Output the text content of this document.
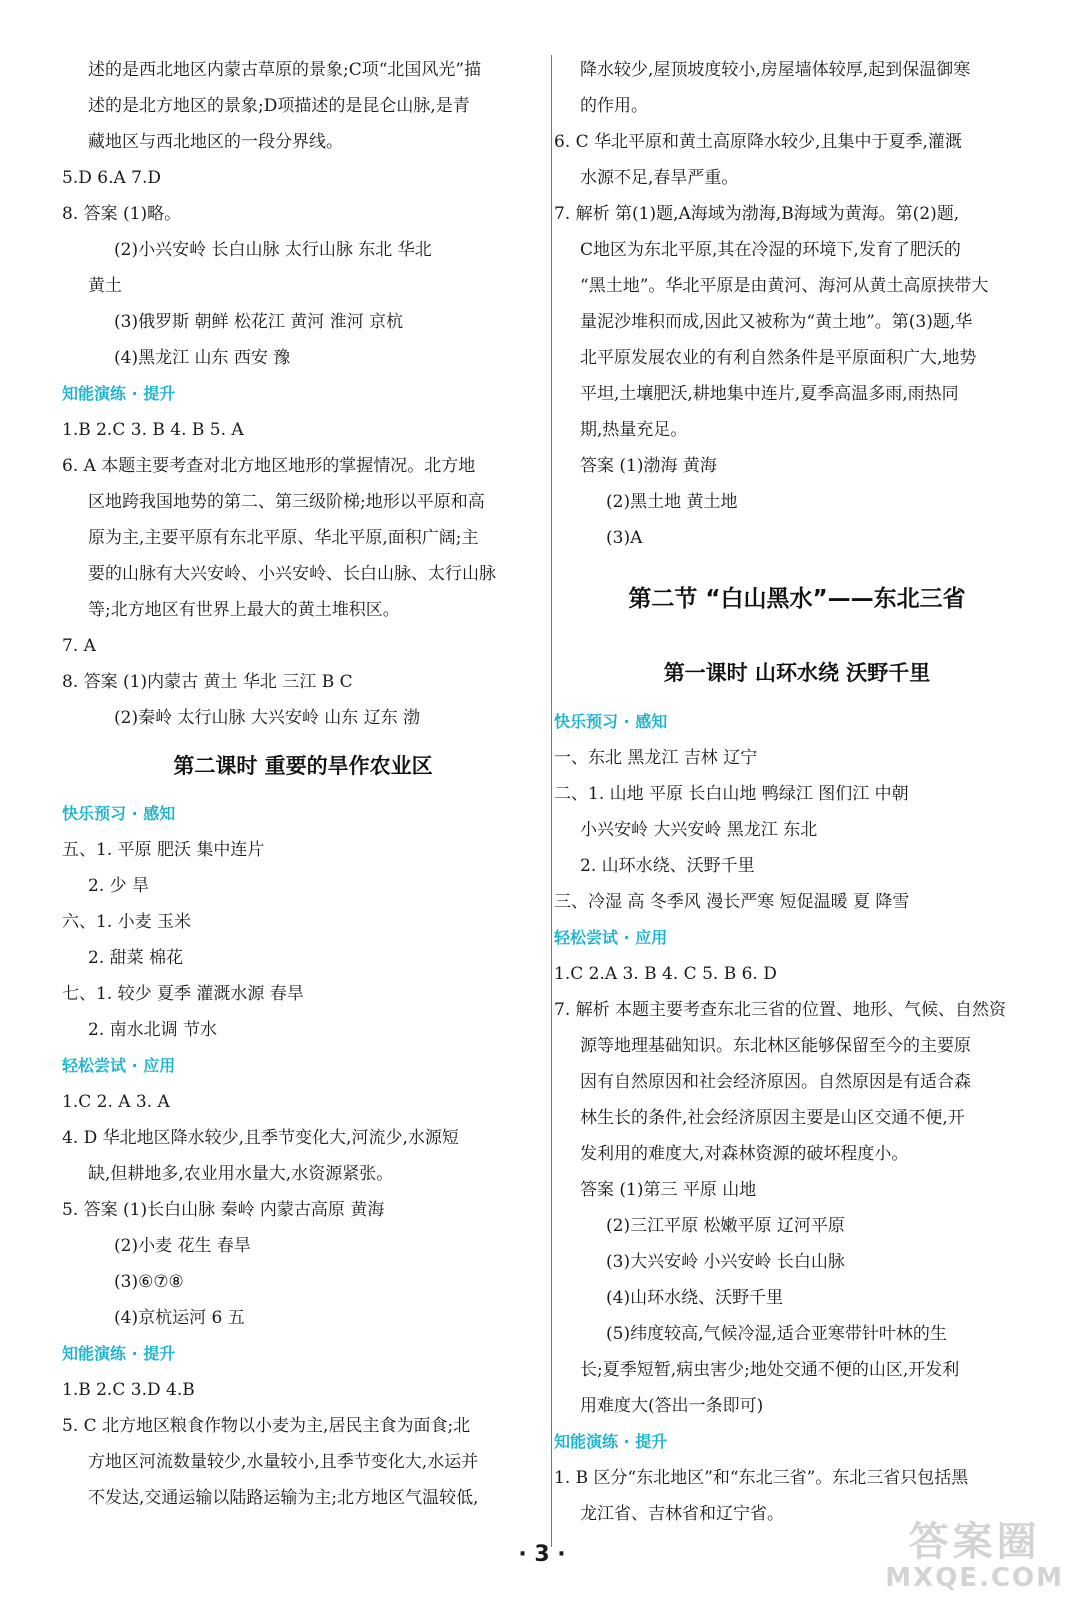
述的是西北地区内蒙古草原的景象;C项“北国风光”描
述的是北方地区的景象;D项描述的是昆仑山脉,是青
藏地区与西北地区的一段分界线。
5.D 6.A 7.D
8. 答案 (1)略。
(2)小兴安岭 长白山脉 太行山脉 东北 华北
黄土
(3)俄罗斯 朝鲜 松花江 黄河 淮河 京杭
(4)黑龙江 山东 西安 豫
知能演练 · 提升
1.B 2.C 3. B 4. B 5. A
6. A 本题主要考查对北方地区地形的掌握情况。北方地
区地跨我国地势的第二、第三级阶梯;地形以平原和高
原为主,主要平原有东北平原、华北平原,面积广阔;主
要的山脉有大兴安岭、小兴安岭、长白山脉、太行山脉
等;北方地区有世界上最大的黄土堆积区。
7. A
8. 答案 (1)内蒙古 黄土 华北 三江 B C
(2)秦岭 太行山脉 大兴安岭 山东 辽东 渤
第二课时 重要的旱作农业区
快乐预习 · 感知
五、1. 平原 肥沃 集中连片
2. 少 旱
六、1. 小麦 玉米
2. 甜菜 棉花
七、1. 较少 夏季 灌溉水源 春旱
2. 南水北调 节水
轻松尝试 · 应用
1.C 2. A 3. A
4. D 华北地区降水较少,且季节变化大,河流少,水源短
缺,但耕地多,农业用水量大,水资源紧张。
5. 答案 (1)长白山脉 秦岭 内蒙古高原 黄海
(2)小麦 花生 春旱
(3)⑥⑦⑧
(4)京杭运河 6 五
知能演练 · 提升
1.B 2.C 3.D 4.B
5. C 北方地区粮食作物以小麦为主,居民主食为面食;北
方地区河流数量较少,水量较小,且季节变化大,水运并
不发达,交通运输以陆路运输为主;北方地区气温较低,
降水较少,屋顶坡度较小,房屋墙体较厚,起到保温御寒
的作用。
6. C 华北平原和黄土高原降水较少,且集中于夏季,灌溉
水源不足,春旱严重。
7. 解析 第(1)题,A海域为渤海,B海域为黄海。第(2)题,
C地区为东北平原,其在冷湿的环境下,发育了肥沃的
“黑土地”。华北平原是由黄河、海河从黄土高原挟带大
量泥沙堆积而成,因此又被称为“黄土地”。第(3)题,华
北平原发展农业的有利自然条件是平原面积广大,地势
平坦,土壤肥沃,耕地集中连片,夏季高温多雨,雨热同
期,热量充足。
答案 (1)渤海 黄海
(2)黑土地 黄土地
(3)A
第二节 “白山黑水”——东北三省
第一课时 山环水绕 沃野千里
快乐预习 · 感知
一、东北 黑龙江 吉林 辽宁
二、1. 山地 平原 长白山地 鸭绿江 图们江 中朝
小兴安岭 大兴安岭 黑龙江 东北
2. 山环水绕、沃野千里
三、冷湿 高 冬季风 漫长严寒 短促温暖 夏 降雪
轻松尝试 · 应用
1.C 2.A 3. B 4. C 5. B 6. D
7. 解析 本题主要考查东北三省的位置、地形、气候、自然资
源等地理基础知识。东北林区能够保留至今的主要原
因有自然原因和社会经济原因。自然原因是有适合森
林生长的条件,社会经济原因主要是山区交通不便,开
发利用的难度大,对森林资源的破坏程度小。
答案 (1)第三 平原 山地
(2)三江平原 松嫩平原 辽河平原
(3)大兴安岭 小兴安岭 长白山脉
(4)山环水绕、沃野千里
(5)纬度较高,气候冷湿,适合亚寒带针叶林的生
长;夏季短暂,病虫害少;地处交通不便的山区,开发利
用难度大(答出一条即可)
知能演练 · 提升
1. B 区分“东北地区”和“东北三省”。东北三省只包括黑
龙江省、吉林省和辽宁省。
· 3 ·	答案圈
MXQE.COM
